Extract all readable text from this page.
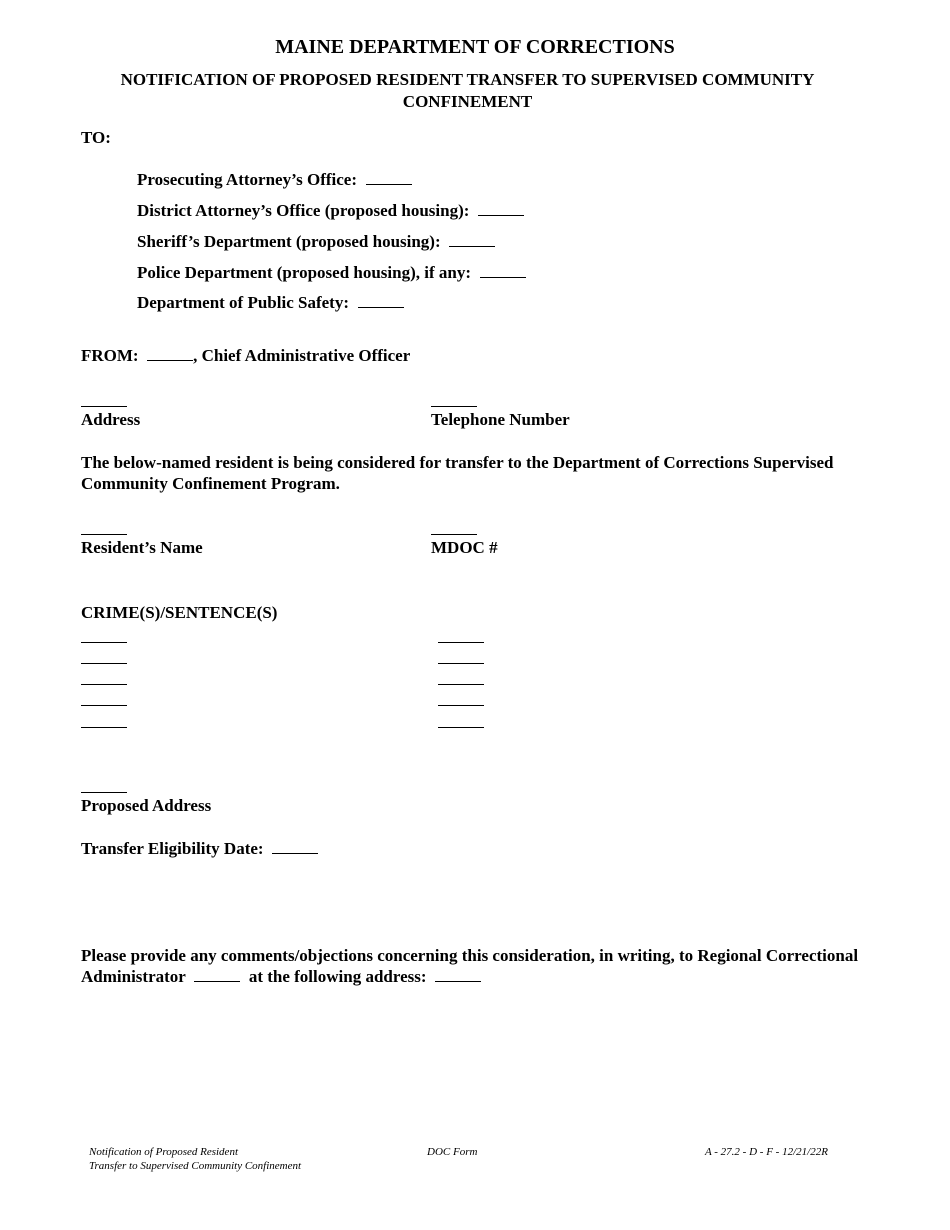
MAINE DEPARTMENT OF CORRECTIONS
NOTIFICATION OF PROPOSED RESIDENT TRANSFER TO SUPERVISED COMMUNITY CONFINEMENT
TO:
Prosecuting Attorney’s Office:
District Attorney’s Office (proposed housing):
Sheriff’s Department (proposed housing):
Police Department (proposed housing), if any:
Department of Public Safety:
FROM:	, Chief Administrative Officer
Address	Telephone Number
The below-named resident is being considered for transfer to the Department of Corrections Supervised Community Confinement Program.
Resident’s Name	MDOC #
CRIME(S)/SENTENCE(S)
Proposed Address
Transfer Eligibility Date:
Please provide any comments/objections concerning this consideration, in writing, to Regional Correctional Administrator	at the following address:
Notification of Proposed Resident
Transfer to Supervised Community Confinement
DOC Form	A - 27.2 - D - F - 12/21/22R
